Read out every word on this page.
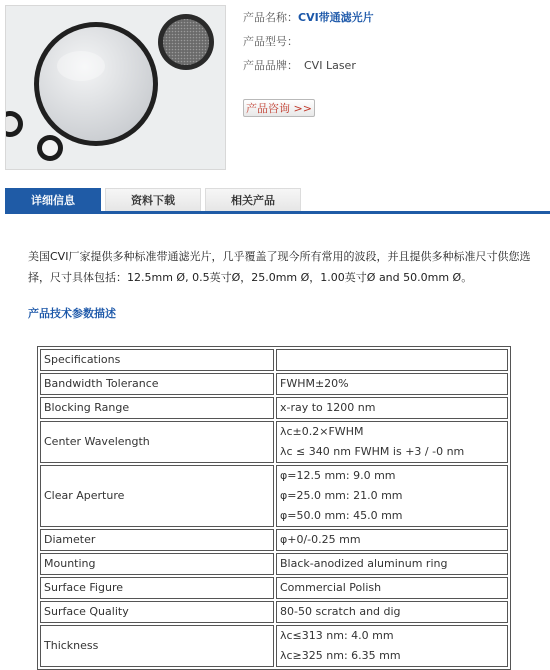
产品名称：CVI带通滤光片
产品型号：
产品品牌： CVI Laser
产品咨询 >>
详细信息	资料下载	相关产品
美国CVI厂家提供多种标准带通滤光片，几乎覆盖了现今所有常用的波段，并且提供多种标准尺寸供您选择，尺寸具体包括：12.5mm Ø, 0.5英寸Ø，25.0mm Ø，1.00英寸Ø and 50.0mm Ø。
产品技术参数描述
Specifications	
Bandwidth Tolerance	FWHM±20%

Blocking Range	x-ray to 1200 nm

Center Wavelength	λc±0.2×FWHM
λc ≤ 340 nm FWHM is +3 / -0 nm

Clear Aperture	φ=12.5 mm: 9.0 mm
φ=25.0 mm: 21.0 mm
φ=50.0 mm: 45.0 mm

Diameter	φ+0/-0.25 mm

Mounting	Black-anodized aluminum ring

Surface Figure	Commercial Polish

Surface Quality	80-50 scratch and dig

Thickness	λc≤313 nm: 4.0 mm
λc≥325 nm: 6.35 mm
